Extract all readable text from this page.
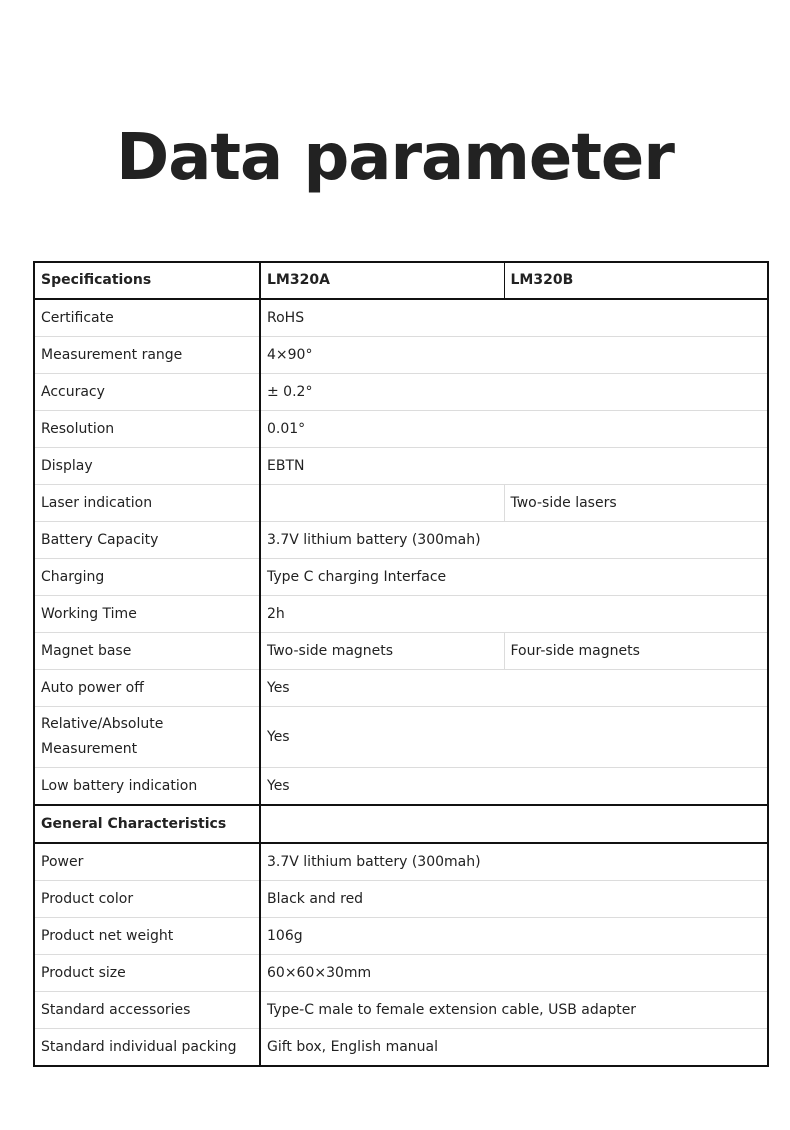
Data parameter
Specifications	LM320A	LM320B
Certificate	RoHS	
Measurement range	4×90°	
Accuracy	± 0.2°	
Resolution	0.01°	
Display	EBTN	
Laser indication		Two-side lasers
Battery Capacity	3.7V lithium battery (300mah)	
Charging	Type C charging Interface	
Working Time	2h	
Magnet base	Two-side magnets	Four-side magnets
Auto power off	Yes	
Relative/Absolute Measurement	Yes	
Low battery indication	Yes	
General Characteristics		
Power	3.7V lithium battery (300mah)	
Product color	Black and red	
Product net weight	106g	
Product size	60×60×30mm	
Standard accessories	Type-C male to female extension cable, USB adapter	
Standard individual packing	Gift box, English manual	
